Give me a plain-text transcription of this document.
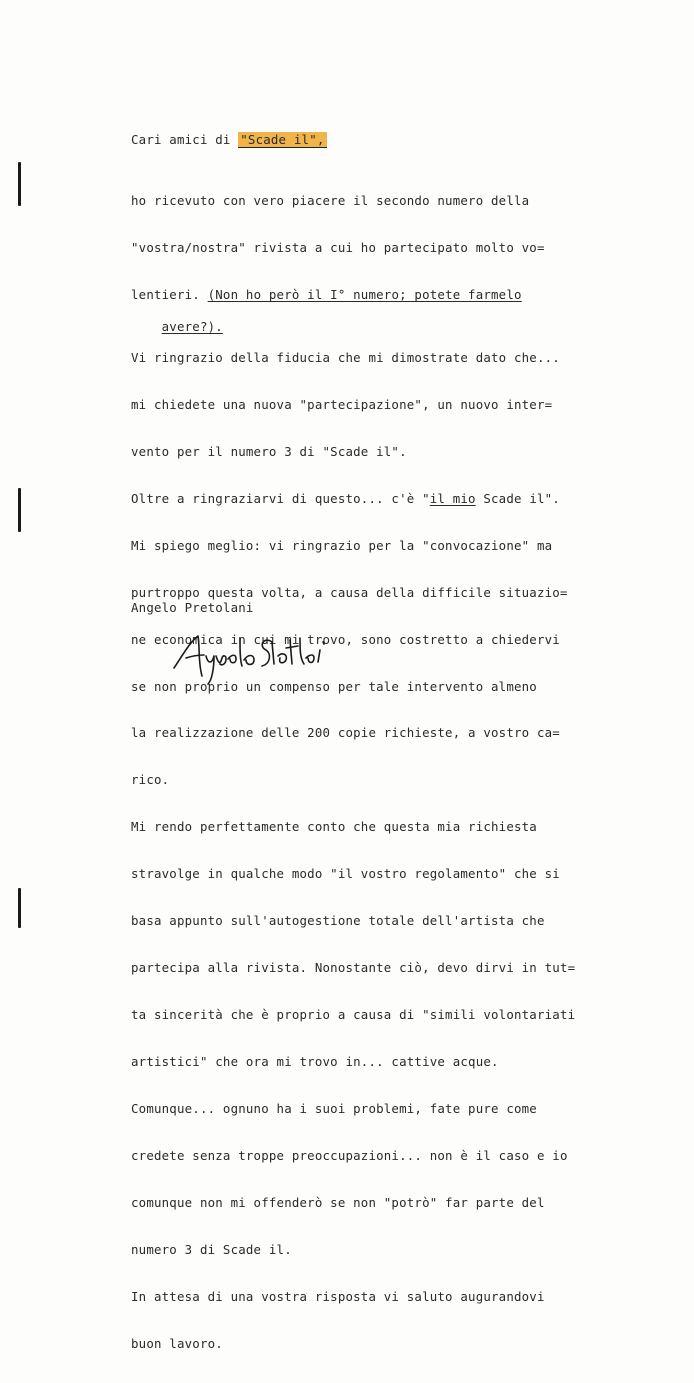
Cari amici di "Scade il",

ho ricevuto con vero piacere il secondo numero della

"vostra/nostra" rivista a cui ho partecipato molto vo=

lentieri. (Non ho però il I° numero; potete farmelo

avere?).

Vi ringrazio della fiducia che mi dimostrate dato che...

mi chiedete una nuova "partecipazione", un nuovo inter=

vento per il numero 3 di "Scade il".

Oltre a ringraziarvi di questo... c'è "il mio Scade il".

Mi spiego meglio: vi ringrazio per la "convocazione" ma

purtroppo questa volta, a causa della difficile situazio=

ne economica in cui mi trovo, sono costretto a chiedervi

se non proprio un compenso per tale intervento almeno

la realizzazione delle 200 copie richieste, a vostro ca=

rico.

Mi rendo perfettamente conto che questa mia richiesta

stravolge in qualche modo "il vostro regolamento" che si

basa appunto sull'autogestione totale dell'artista che

partecipa alla rivista. Nonostante ciò, devo dirvi in tut=

ta sincerità che è proprio a causa di "simili volontariati

artistici" che ora mi trovo in... cattive acque.

Comunque... ognuno ha i suoi problemi, fate pure come

credete senza troppe preoccupazioni... non è il caso e io

comunque non mi offenderò se non "potrò" far parte del

numero 3 di Scade il.

In attesa di una vostra risposta vi saluto augurandovi

buon lavoro.

Angelo Pretolani
